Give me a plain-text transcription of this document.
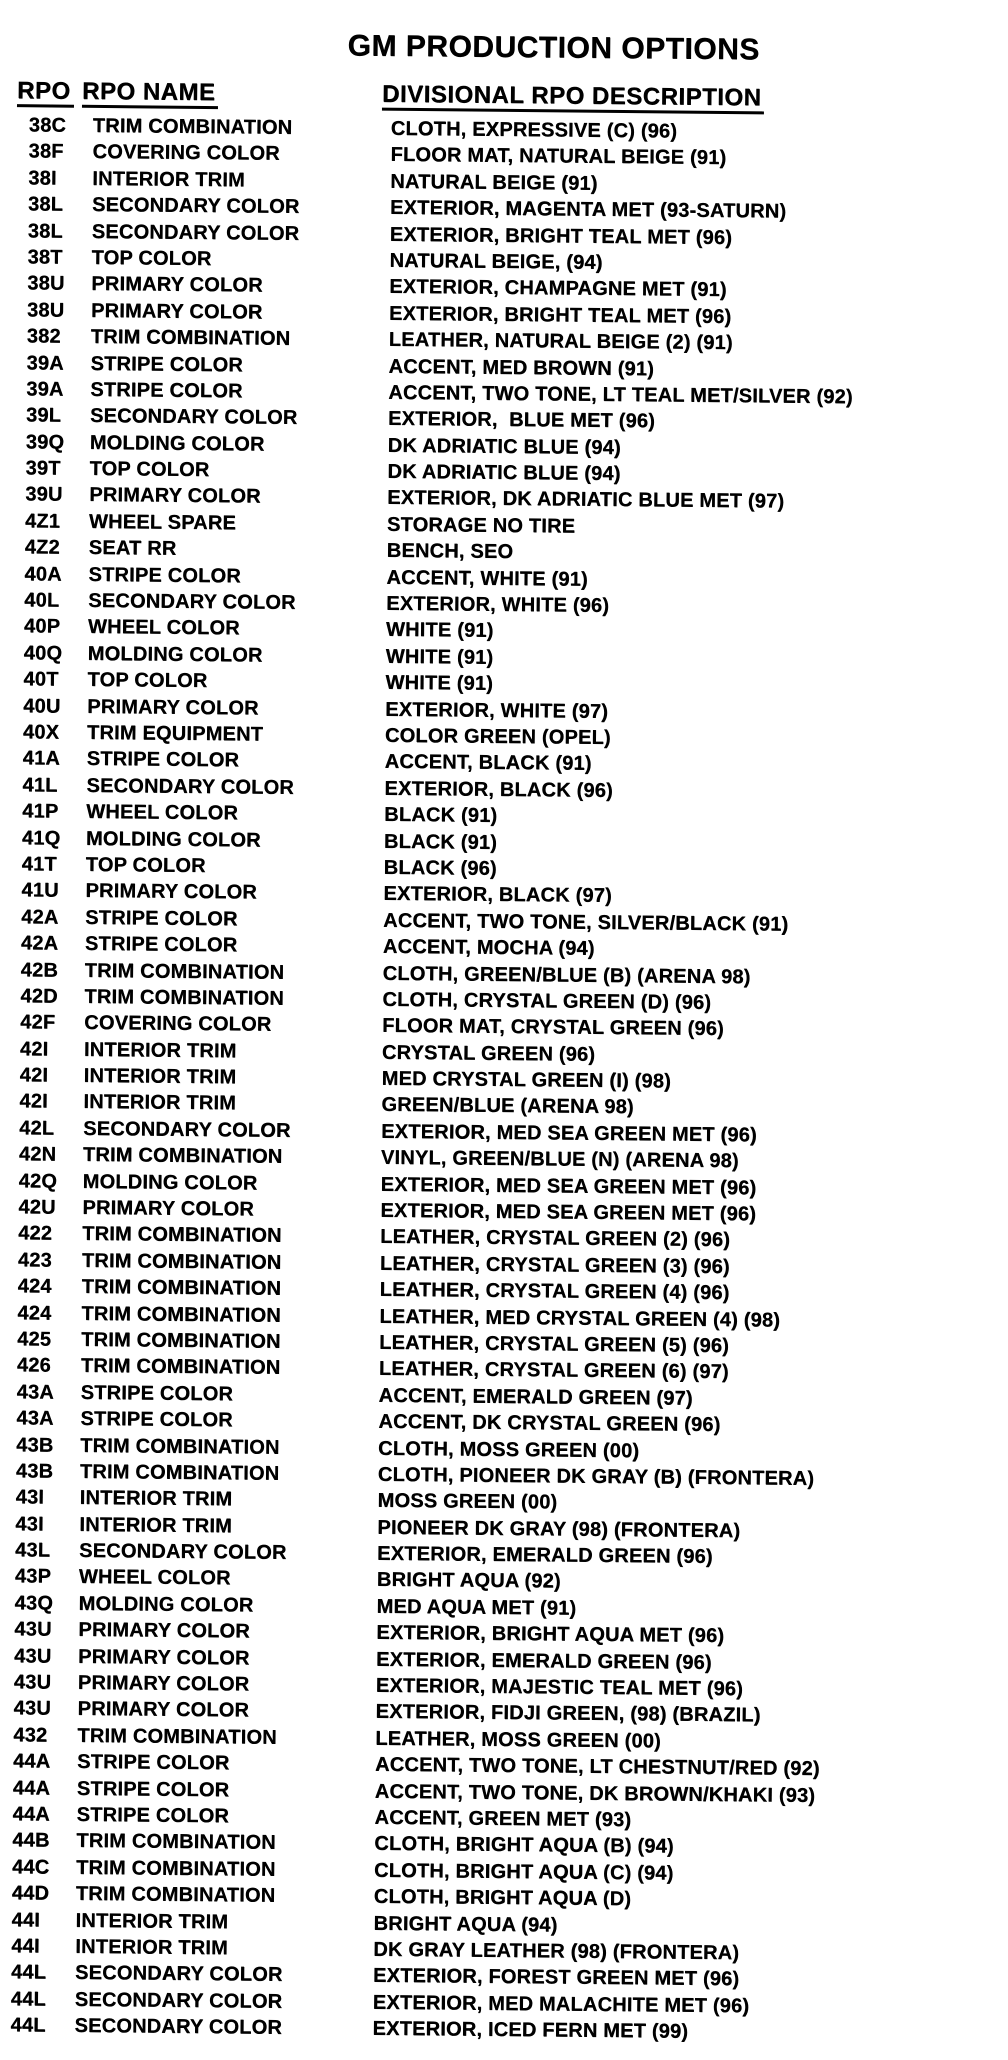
GM PRODUCTION OPTIONS
RPO RPO NAME	DIVISIONAL RPO DESCRIPTION
38C TRIM COMBINATION	CLOTH, EXPRESSIVE (C) (96)
38F COVERING COLOR	FLOOR MAT, NATURAL BEIGE (91)
38I INTERIOR TRIM	NATURAL BEIGE (91)
38L SECONDARY COLOR	EXTERIOR, MAGENTA MET (93-SATURN)
38L SECONDARY COLOR	EXTERIOR, BRIGHT TEAL MET (96)
38T TOP COLOR	NATURAL BEIGE, (94)
38U PRIMARY COLOR	EXTERIOR, CHAMPAGNE MET (91)
38U PRIMARY COLOR	EXTERIOR, BRIGHT TEAL MET (96)
382 TRIM COMBINATION	LEATHER, NATURAL BEIGE (2) (91)
39A STRIPE COLOR	ACCENT, MED BROWN (91)
39A STRIPE COLOR	ACCENT, TWO TONE, LT TEAL MET/SILVER (92)
39L SECONDARY COLOR	EXTERIOR,  BLUE MET (96)
39Q MOLDING COLOR	DK ADRIATIC BLUE (94)
39T TOP COLOR	DK ADRIATIC BLUE (94)
39U PRIMARY COLOR	EXTERIOR, DK ADRIATIC BLUE MET (97)
4Z1 WHEEL SPARE	STORAGE NO TIRE
4Z2 SEAT RR	BENCH, SEO
40A STRIPE COLOR	ACCENT, WHITE (91)
40L SECONDARY COLOR	EXTERIOR, WHITE (96)
40P WHEEL COLOR	WHITE (91)
40Q MOLDING COLOR	WHITE (91)
40T TOP COLOR	WHITE (91)
40U PRIMARY COLOR	EXTERIOR, WHITE (97)
40X TRIM EQUIPMENT	COLOR GREEN (OPEL)
41A STRIPE COLOR	ACCENT, BLACK (91)
41L SECONDARY COLOR	EXTERIOR, BLACK (96)
41P WHEEL COLOR	BLACK (91)
41Q MOLDING COLOR	BLACK (91)
41T TOP COLOR	BLACK (96)
41U PRIMARY COLOR	EXTERIOR, BLACK (97)
42A STRIPE COLOR	ACCENT, TWO TONE, SILVER/BLACK (91)
42A STRIPE COLOR	ACCENT, MOCHA (94)
42B TRIM COMBINATION	CLOTH, GREEN/BLUE (B) (ARENA 98)
42D TRIM COMBINATION	CLOTH, CRYSTAL GREEN (D) (96)
42F COVERING COLOR	FLOOR MAT, CRYSTAL GREEN (96)
42I INTERIOR TRIM	CRYSTAL GREEN (96)
42I INTERIOR TRIM	MED CRYSTAL GREEN (I) (98)
42I INTERIOR TRIM	GREEN/BLUE (ARENA 98)
42L SECONDARY COLOR	EXTERIOR, MED SEA GREEN MET (96)
42N TRIM COMBINATION	VINYL, GREEN/BLUE (N) (ARENA 98)
42Q MOLDING COLOR	EXTERIOR, MED SEA GREEN MET (96)
42U PRIMARY COLOR	EXTERIOR, MED SEA GREEN MET (96)
422 TRIM COMBINATION	LEATHER, CRYSTAL GREEN (2) (96)
423 TRIM COMBINATION	LEATHER, CRYSTAL GREEN (3) (96)
424 TRIM COMBINATION	LEATHER, CRYSTAL GREEN (4) (96)
424 TRIM COMBINATION	LEATHER, MED CRYSTAL GREEN (4) (98)
425 TRIM COMBINATION	LEATHER, CRYSTAL GREEN (5) (96)
426 TRIM COMBINATION	LEATHER, CRYSTAL GREEN (6) (97)
43A STRIPE COLOR	ACCENT, EMERALD GREEN (97)
43A STRIPE COLOR	ACCENT, DK CRYSTAL GREEN (96)
43B TRIM COMBINATION	CLOTH, MOSS GREEN (00)
43B TRIM COMBINATION	CLOTH, PIONEER DK GRAY (B) (FRONTERA)
43I INTERIOR TRIM	MOSS GREEN (00)
43I INTERIOR TRIM	PIONEER DK GRAY (98) (FRONTERA)
43L SECONDARY COLOR	EXTERIOR, EMERALD GREEN (96)
43P WHEEL COLOR	BRIGHT AQUA (92)
43Q MOLDING COLOR	MED AQUA MET (91)
43U PRIMARY COLOR	EXTERIOR, BRIGHT AQUA MET (96)
43U PRIMARY COLOR	EXTERIOR, EMERALD GREEN (96)
43U PRIMARY COLOR	EXTERIOR, MAJESTIC TEAL MET (96)
43U PRIMARY COLOR	EXTERIOR, FIDJI GREEN, (98) (BRAZIL)
432 TRIM COMBINATION	LEATHER, MOSS GREEN (00)
44A STRIPE COLOR	ACCENT, TWO TONE, LT CHESTNUT/RED (92)
44A STRIPE COLOR	ACCENT, TWO TONE, DK BROWN/KHAKI (93)
44A STRIPE COLOR	ACCENT, GREEN MET (93)
44B TRIM COMBINATION	CLOTH, BRIGHT AQUA (B) (94)
44C TRIM COMBINATION	CLOTH, BRIGHT AQUA (C) (94)
44D TRIM COMBINATION	CLOTH, BRIGHT AQUA (D)
44I INTERIOR TRIM	BRIGHT AQUA (94)
44I INTERIOR TRIM	DK GRAY LEATHER (98) (FRONTERA)
44L SECONDARY COLOR	EXTERIOR, FOREST GREEN MET (96)
44L SECONDARY COLOR	EXTERIOR, MED MALACHITE MET (96)
44L SECONDARY COLOR	EXTERIOR, ICED FERN MET (99)
